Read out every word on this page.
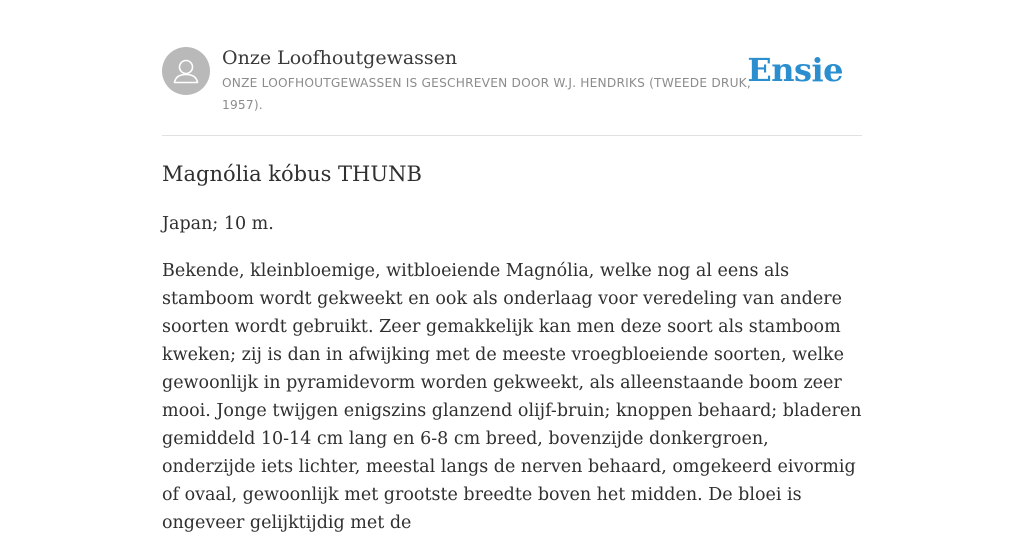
Onze Loofhoutgewassen
ONZE LOOFHOUTGEWASSEN IS GESCHREVEN DOOR W.J. HENDRIKS (TWEEDE DRUK, 1957).
Ensie
Magnólia kóbus THUNB

Japan; 10 m.

Bekende, kleinbloemige, witbloeiende Magnólia, welke nog al eens als stamboom wordt gekweekt en ook als onderlaag voor veredeling van andere soorten wordt gebruikt. Zeer gemakkelijk kan men deze soort als stamboom kweken; zij is dan in afwijking met de meeste vroegbloeiende soorten, welke gewoonlijk in pyramidevorm worden gekweekt, als alleenstaande boom zeer mooi. Jonge twijgen enigszins glanzend olijf-bruin; knoppen behaard; bladeren gemiddeld 10-14 cm lang en 6-8 cm breed, bovenzijde donkergroen, onderzijde iets lichter, meestal langs de nerven behaard, omgekeerd eivormig of ovaal, gewoonlijk met grootste breedte boven het midden. De bloei is ongeveer gelijktijdig met de
